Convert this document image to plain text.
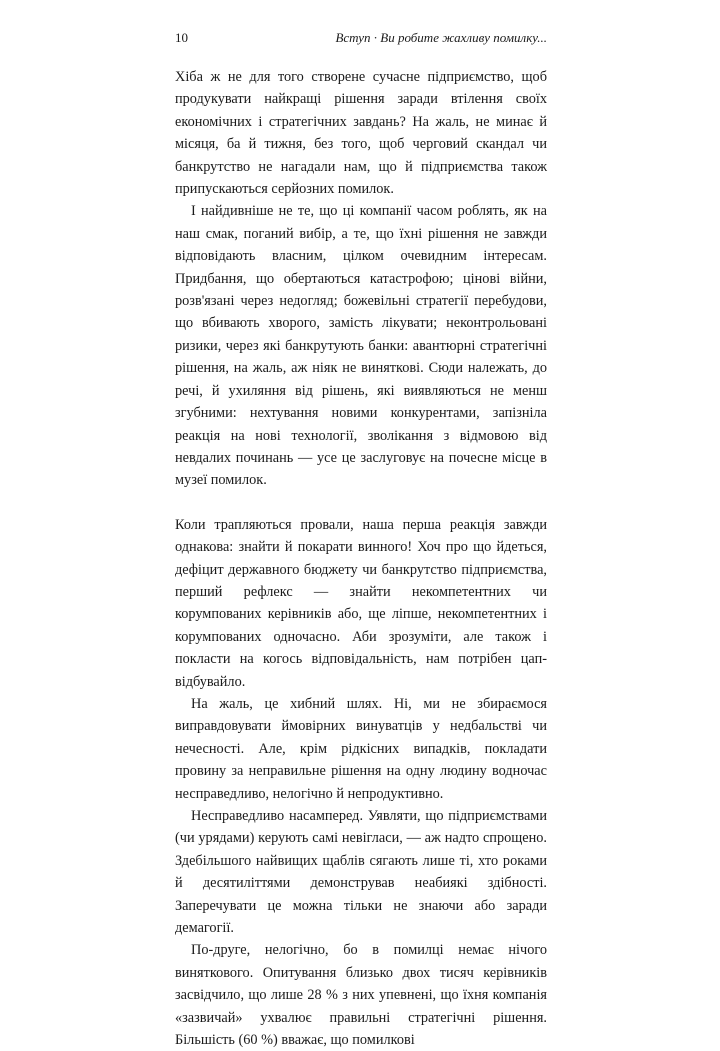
10	Вступ · Ви робите жахливу помилку...

Хіба ж не для того створене сучасне підприємство, щоб продукувати найкращі рішення заради втілення своїх економічних і стратегічних завдань? На жаль, не минає й місяця, ба й тижня, без того, щоб черговий скандал чи банкрутство не нагадали нам, що й підприємства також припускаються серйозних помилок.

І найдивніше не те, що ці компанії часом роблять, як на наш смак, поганий вибір, а те, що їхні рішення не завжди відповідають власним, цілком очевидним інтересам. Придбання, що обертаються катастрофою; цінові війни, розв'язані через недогляд; божевільні стратегії перебудови, що вбивають хворого, замість лікувати; неконтрольовані ризики, через які банкрутують банки: авантюрні стратегічні рішення, на жаль, аж ніяк не винятковi. Сюди належать, до речі, й ухиляння від рішень, які виявляються не менш згубними: нехтування новими конкурентами, запізніла реакція на нові технології, зволікання з відмовою від невдалих починань — усе це заслуговує на почесне місце в музеї помилок.

Коли трапляються провали, наша перша реакція завжди однакова: знайти й покарати винного! Хоч про що йдеться, дефіцит державного бюджету чи банкрутство підприємства, перший рефлекс — знайти некомпетентних чи корумпованих керівників або, ще ліпше, некомпетентних і корумпованих одночасно. Аби зрозуміти, але також і покласти на когось відповідальність, нам потрібен цап-відбувайло.

На жаль, це хибний шлях. Ні, ми не збираємося виправдовувати ймовірних винуватців у недбальстві чи нечесності. Але, крім рідкісних випадків, покладати провину за неправильне рішення на одну людину водночас несправедливо, нелогічно й непродуктивно.

Несправедливо насамперед. Уявляти, що підприємствами (чи урядами) керують самі невігласи, — аж надто спрощено. Здебільшого найвищих щаблів сягають лише ті, хто роками й десятиліттями демонстрував неабиякі здібності. Заперечувати це можна тільки не знаючи або заради демагогії.

По-друге, нелогічно, бо в помилці немає нічого виняткового. Опитування близько двох тисяч керівників засвідчило, що лише 28 % з них упевнені, що їхня компанія «зазвичай» ухвалює правильні стратегічні рішення. Більшість (60 %) вважає, що помилкові
